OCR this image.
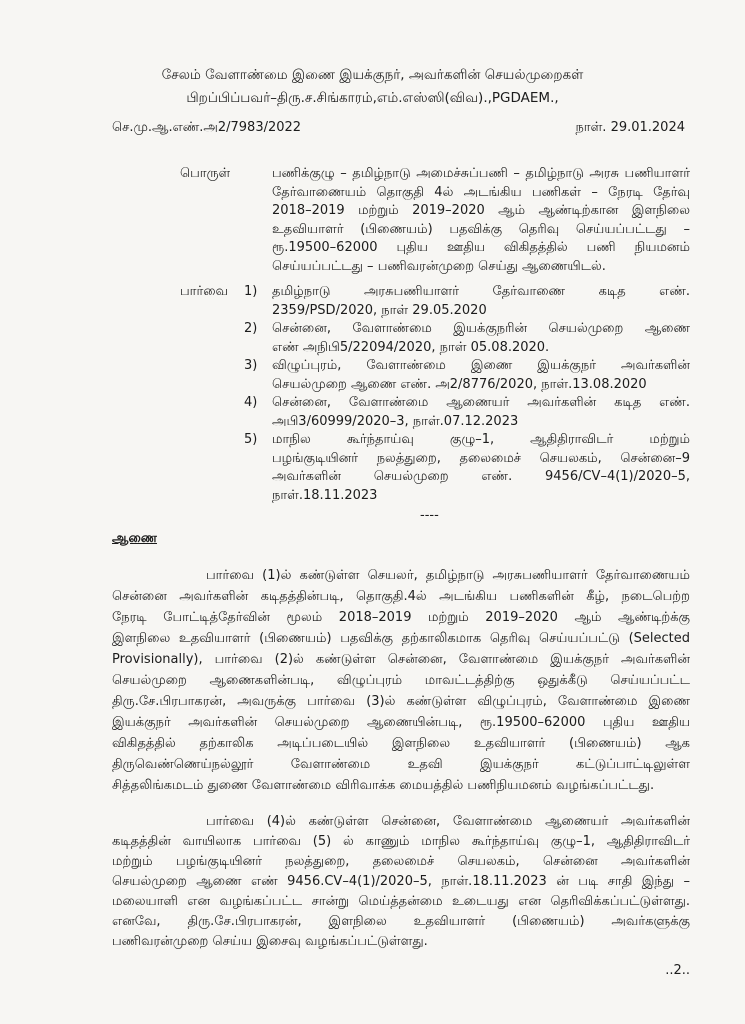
சேலம் வேளாண்மை இணை இயக்குநர், அவர்களின் செயல்முறைகள்
பிறப்பிப்பவர்–திரு.ச.சிங்காரம்,எம்.எஸ்ஸி(விவ).,PGDAEM.,
செ.மு.ஆ.எண்.அ2/7983/2022	நாள். 29.01.2024
பொருள்	பணிக்குழு – தமிழ்நாடு அமைச்சுப்பணி – தமிழ்நாடு அரசு பணியாளர்
தேர்வாணையம் தொகுதி 4ல் அடங்கிய பணிகள் – நேரடி தேர்வு
2018–2019 மற்றும் 2019–2020 ஆம் ஆண்டிற்கான இளநிலை
உதவியாளர் (பிணையம்) பதவிக்கு தெரிவு செய்யப்பட்டது –
ரூ.19500–62000 புதிய ஊதிய விகிதத்தில் பணி நியமனம்
செய்யப்பட்டது – பணிவரன்முறை செய்து ஆணையிடல்.
பார்வை 1)	தமிழ்நாடு அரசுபணியாளர் தேர்வாணை கடித எண்.
2359/PSD/2020, நாள் 29.05.2020
2)	சென்னை, வேளாண்மை இயக்குநரின் செயல்முறை ஆணை
எண் அநிபி5/22094/2020, நாள் 05.08.2020.
3)	விழுப்புரம், வேளாண்மை இணை இயக்குநர் அவர்களின்
செயல்முறை ஆணை எண். அ2/8776/2020, நாள்.13.08.2020
4)	சென்னை, வேளாண்மை ஆணையர் அவர்களின் கடித எண்.
அபி3/60999/2020–3, நாள்.07.12.2023
5)	மாநில கூர்ந்தாய்வு குழு–1, ஆதிதிராவிடர் மற்றும்
பழங்குடியினர் நலத்துறை, தலைமைச் செயலகம், சென்னை–9
அவர்களின் செயல்முறை எண். 9456/CV–4(1)/2020–5,
நாள்.18.11.2023
----
ஆணை
பார்வை (1)ல் கண்டுள்ள செயலர், தமிழ்நாடு அரசுபணியாளர் தேர்வாணையம்
சென்னை அவர்களின் கடிதத்தின்படி, தொகுதி.4ல் அடங்கிய பணிகளின் கீழ், நடைபெற்ற
நேரடி போட்டித்தேர்வின் மூலம் 2018–2019 மற்றும் 2019–2020 ஆம் ஆண்டிற்க்கு
இளநிலை உதவியாளர் (பிணையம்) பதவிக்கு தற்காலிகமாக தெரிவு செய்யப்பட்டு (Selected
Provisionally), பார்வை (2)ல் கண்டுள்ள சென்னை, வேளாண்மை இயக்குநர் அவர்களின்
செயல்முறை ஆணைகளின்படி, விழுப்புரம் மாவட்டத்திற்கு ஒதுக்கீடு செய்யப்பட்ட
திரு.சே.பிரபாகரன், அவருக்கு பார்வை (3)ல் கண்டுள்ள விழுப்புரம், வேளாண்மை இணை
இயக்குநர் அவர்களின் செயல்முறை ஆணையின்படி, ரூ.19500–62000 புதிய ஊதிய
விகிதத்தில் தற்காலிக அடிப்படையில் இளநிலை உதவியாளர் (பிணையம்) ஆக
திருவெண்ணெய்நல்லூர் வேளாண்மை உதவி இயக்குநர் கட்டுப்பாட்டிலுள்ள
சித்தலிங்கமடம் துணை வேளாண்மை விரிவாக்க மையத்தில் பணிநியமனம் வழங்கப்பட்டது.
பார்வை (4)ல் கண்டுள்ள சென்னை, வேளாண்மை ஆணையர் அவர்களின்
கடிதத்தின் வாயிலாக பார்வை (5) ல் காணும் மாநில கூர்ந்தாய்வு குழு–1, ஆதிதிராவிடர்
மற்றும் பழங்குடியினர் நலத்துறை, தலைமைச் செயலகம், சென்னை அவர்களின்
செயல்முறை ஆணை எண் 9456.CV–4(1)/2020–5, நாள்.18.11.2023 ன் படி சாதி இந்து –
மலையாளி என வழங்கப்பட்ட சான்று மெய்த்தன்மை உடையது என தெரிவிக்கப்பட்டுள்ளது.
எனவே, திரு.சே.பிரபாகரன், இளநிலை உதவியாளர் (பிணையம்) அவர்களுக்கு
பணிவரன்முறை செய்ய இசைவு வழங்கப்பட்டுள்ளது.
..2..
